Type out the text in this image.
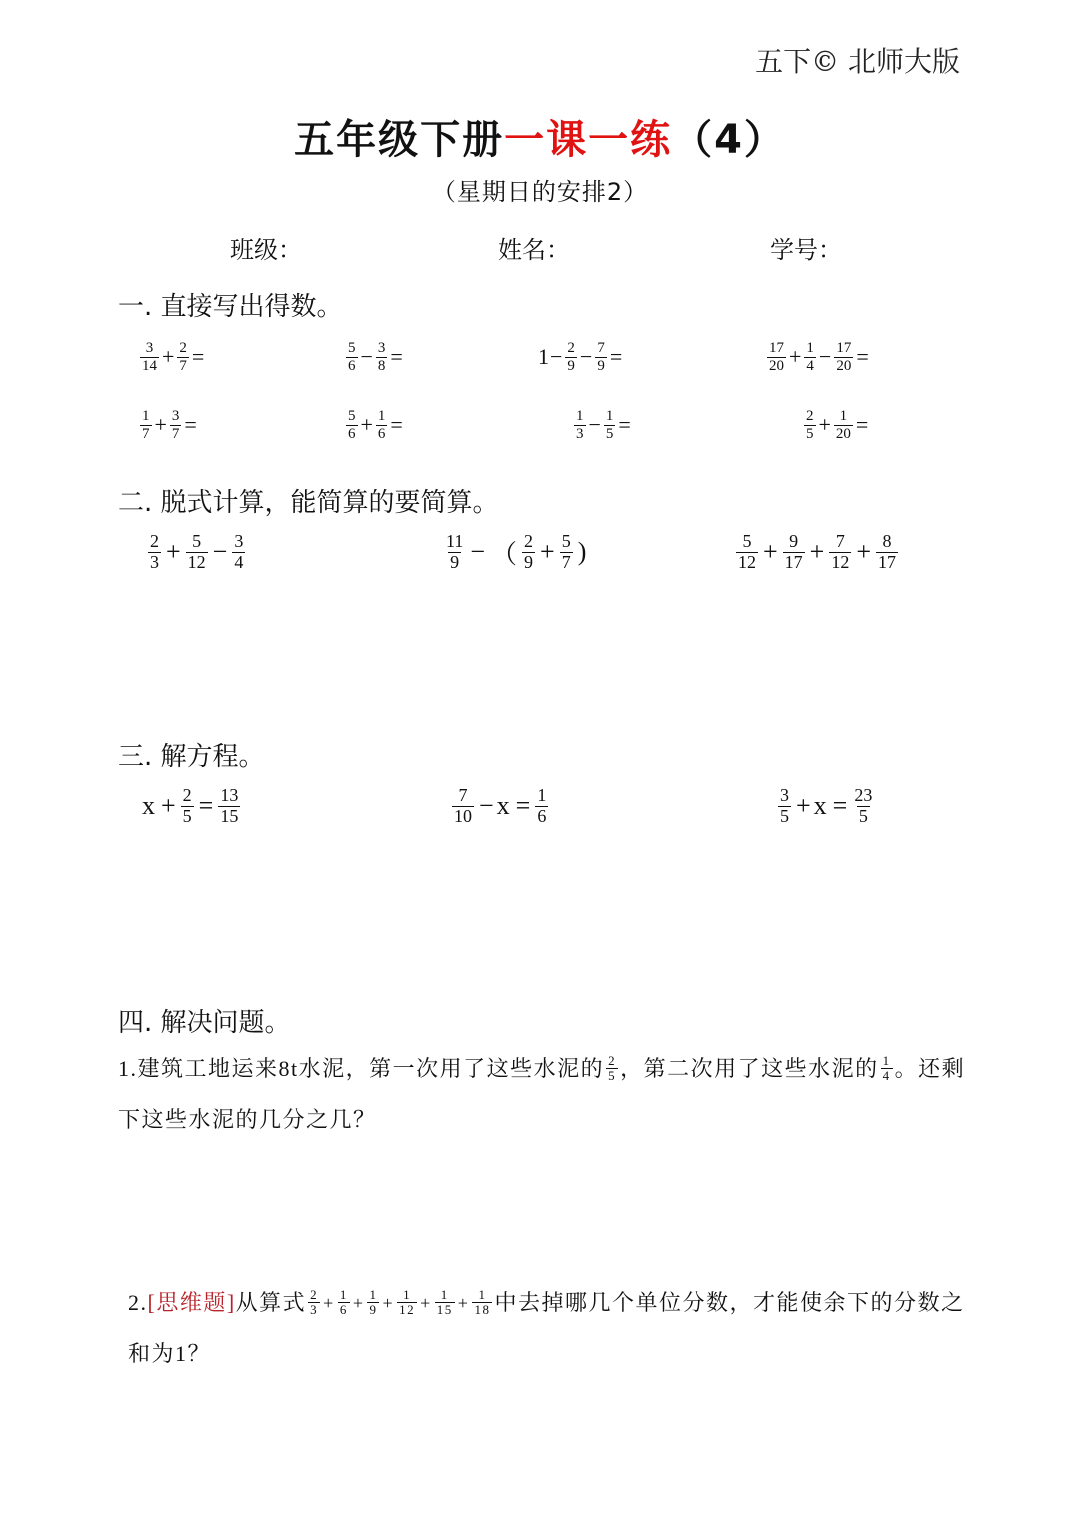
五下© 北师大版
五年级下册一课一练（4）
（星期日的安排2）
班级：	姓名：	学号：
一. 直接写出得数。
$\frac{3}{14} + \frac{2}{7}$ =	$\frac{5}{6} - \frac{3}{8}$ =	$1 - \frac{2}{9} - \frac{7}{9}$ =	$\frac{17}{20} + \frac{1}{4} - \frac{17}{20}$ =
$\frac{1}{7} + \frac{3}{7}$ =	$\frac{5}{6} + \frac{1}{6}$ =	$\frac{1}{3} - \frac{1}{5}$ =	$\frac{2}{5} + \frac{1}{20}$ =
二. 脱式计算，能简算的要简算。
$\frac{2}{3} + \frac{5}{12} - \frac{3}{4}$	$\frac{11}{9}$ − （ $\frac{2}{9} + \frac{5}{7}$ )	$\frac{5}{12} + \frac{9}{17} + \frac{7}{12} + \frac{8}{17}$
三. 解方程。
$x + \frac{2}{5} = \frac{13}{15}$	$\frac{7}{10} - x = \frac{1}{6}$	$\frac{3}{5} + x = \frac{23}{5}$
四. 解决问题。
1.建筑工地运来8t水泥，第一次用了这些水泥的 $\frac{2}{5}$ ，第二次用了这些水泥的 $\frac{1}{4}$ 。还剩
下这些水泥的几分之几？
2. [思维题] 从算式 $\frac{2}{3} + \frac{1}{6} + \frac{1}{9} + \frac{1}{12} + \frac{1}{15} + \frac{1}{18}$ 中去掉哪几个单位分数，才能使余下的分数之
和为1？
